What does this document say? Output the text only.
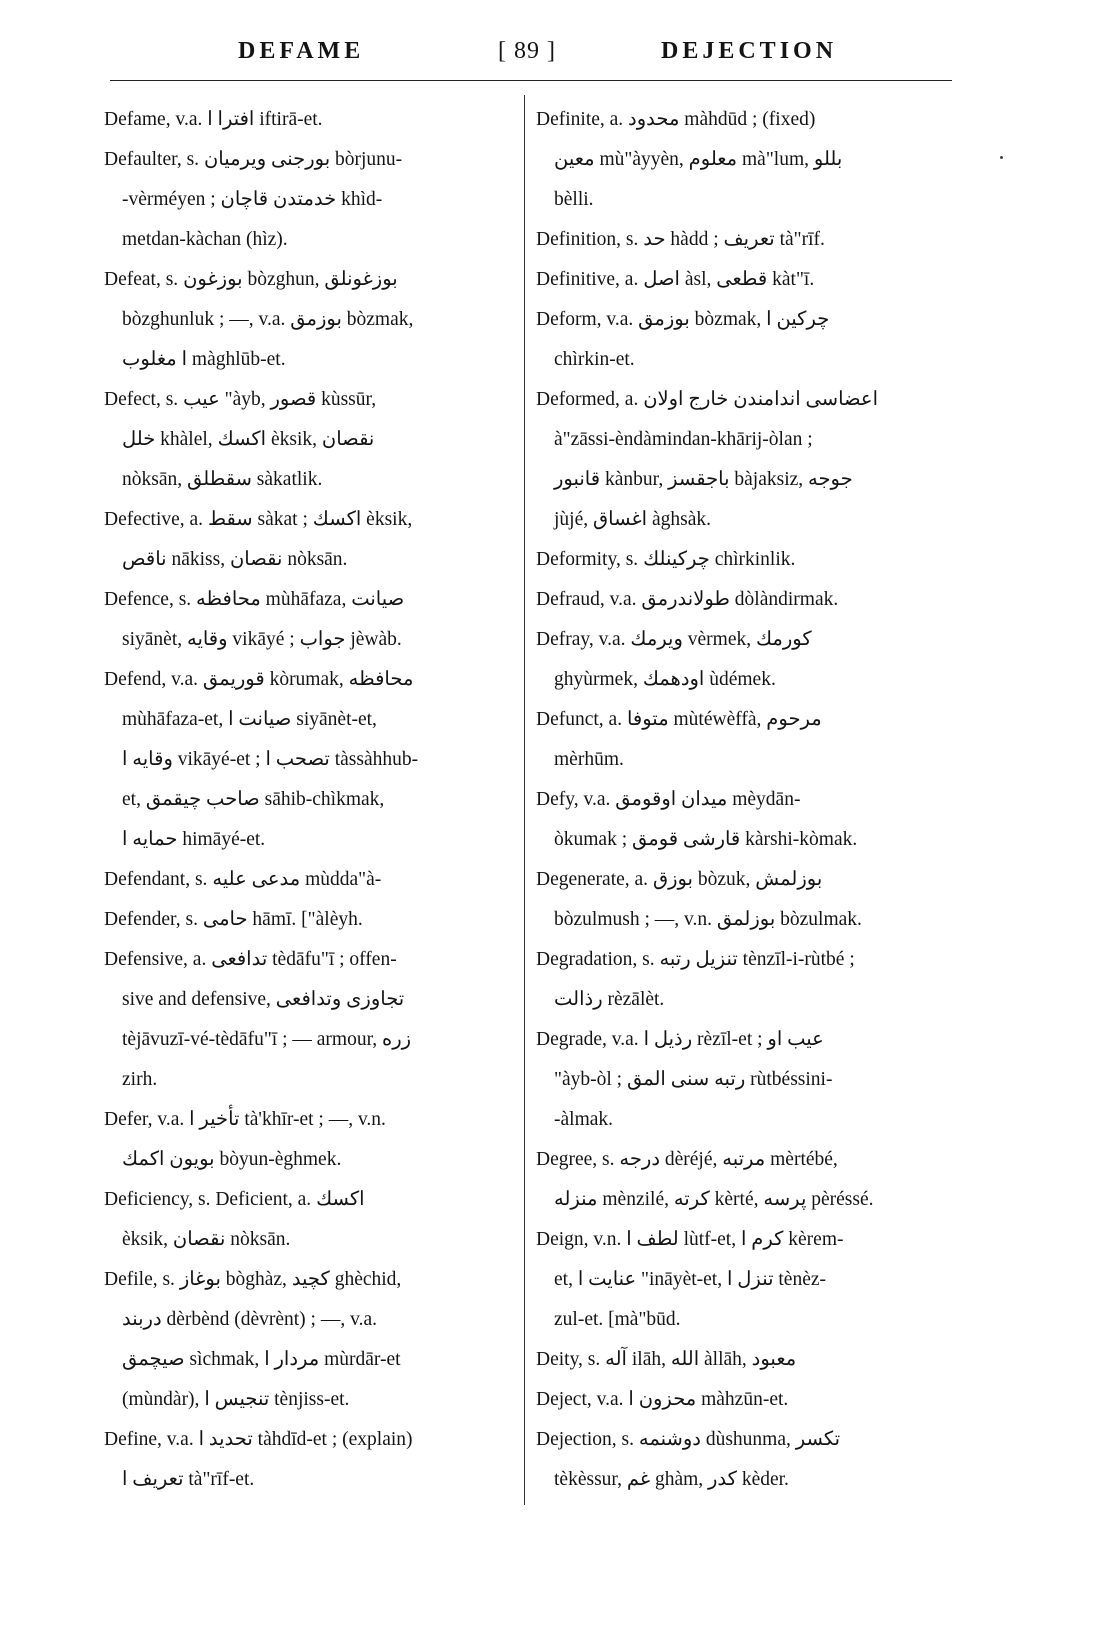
DEFAME	[ 89 ]	DEJECTION
Defame, v.a. افترا ا iftirā-et.
Defaulter, s. بورجنی ویرمیان bòrjunu-
-vèrméyen ; خدمتدن قاچان khìd-
metdan-kàchan (hìz).
Defeat, s. بوزغون bòzghun, بوزغونلق
bòzghunluk ; —, v.a. بوزمق bòzmak,
ا مغلوب màghlūb-et.
Defect, s. عيب "àyb, قصور kùssūr,
خلل khàlel, اکسك èksik, نقصان
nòksān, سقطلق sàkatlik.
Defective, a. سقط sàkat ; اکسك èksik,
ناقص nākiss, نقصان nòksān.
Defence, s. محافظه mùhāfaza, صيانت
siyānèt, وقايه vikāyé ; جواب jèwàb.
Defend, v.a. قوريمق kòrumak, محافظه
mùhāfaza-et, صيانت ا siyānèt-et,
وقايه ا vikāyé-et ; تصحب ا tàssàhhub-
et, صاحب چيقمق sāhib-chìkmak,
حمايه ا himāyé-et.
Defendant, s. مدعی عليه mùdda"à-
Defender, s. حامی hāmī. ["àlèyh.
Defensive, a. تدافعی tèdāfu"ī ; offen-
sive and defensive, تجاوزی وتدافعی
tèjāvuzī-vé-tèdāfu"ī ; — armour, زره
zirh.
Defer, v.a. تأخير ا tà'khīr-et ; —, v.n.
بويون اکمك bòyun-èghmek.
Deficiency, s. Deficient, a. اکسك
èksik, نقصان nòksān.
Defile, s. بوغاز bòghàz, کچيد ghèchid,
دربند dèrbènd (dèvrènt) ; —, v.a.
صيچمق sìchmak, مردار ا mùrdār-et
(mùndàr), تنجيس ا tènjiss-et.
Define, v.a. تحديد ا tàhdīd-et ; (explain)
تعريف ا tà"rīf-et.
Definite, a. محدود màhdūd ; (fixed)
معين mù"àyyèn, معلوم mà"lum, بللو
bèlli.
Definition, s. حد hàdd ; تعريف tà"rīf.
Definitive, a. اصل àsl, قطعی kàt"ī.
Deform, v.a. بوزمق bòzmak, چركين ا
chìrkin-et.
Deformed, a. اعضاسی اندامندن خارج اولان
à"zāssi-èndàmindan-khārij-òlan ;
قانبور kànbur, باجقسز bàjaksiz, جوجه
jùjé, اغساق àghsàk.
Deformity, s. چركينلك chìrkinlik.
Defraud, v.a. طولاندرمق dòlàndirmak.
Defray, v.a. ويرمك vèrmek, كورمك
ghyùrmek, اودهمك ùdémek.
Defunct, a. متوفا mùtéwèffà, مرحوم
mèrhūm.
Defy, v.a. ميدان اوقومق mèydān-
òkumak ; قارشی قومق kàrshi-kòmak.
Degenerate, a. بوزق bòzuk, بوزلمش
bòzulmush ; —, v.n. بوزلمق bòzulmak.
Degradation, s. تنزيل رتبه tènzīl-i-rùtbé ;
رذالت rèzālèt.
Degrade, v.a. رذيل ا rèzīl-et ; عيب او
"àyb-òl ; رتبه سنی المق rùtbéssini-
-àlmak.
Degree, s. درجه dèréjé, مرتبه mèrtébé,
منزله mènzilé, کرته kèrté, پرسه pèréssé.
Deign, v.n. لطف ا lùtf-et, کرم ا kèrem-
et, عنايت ا "ināyèt-et, تنزل ا tènèz-
zul-et. [mà"būd.
Deity, s. آله ilāh, الله àllāh, معبود
Deject, v.a. محزون ا màhzūn-et.
Dejection, s. دوشنمه dùshunma, تكسر
tèkèssur, غم ghàm, كدر kèder.
